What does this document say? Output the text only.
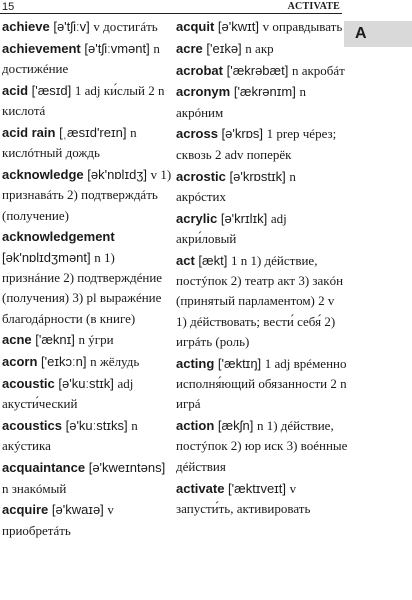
15	ACTIVATE
A
achieve [ə'tʃiːv] v достигáть
achievement [ə'tʃiːvmənt] n достижéние
acid ['æsɪd] 1 adj ки́слый 2 n кислотá
acid rain [ˌæsɪd'reɪn] n кислóтный дождь
acknowledge [ək'nɒlɪdʒ] v 1) признавáть 2) подтверждáть (получение)
acknowledgement [ək'nɒlɪdʒmənt] n 1) признáние 2) подтверждéние (получения) 3) pl выражéние благодáрности (в книге)
acne ['æknɪ] n ýгри
acorn ['eɪkɔːn] n жёлудь
acoustic [ə'kuːstɪk] adj акусти́ческий
acoustics [ə'kuːstɪks] n акýстика
acquaintance [ə'kweɪntəns] n знакóмый
acquire [ə'kwaɪə] v приобретáть
acquit [ə'kwɪt] v оправдывать
acre ['eɪkə] n акр
acrobat ['ækrəbæt] n акробáт
acronym ['ækrənɪm] n акрóним
across [ə'krɒs] 1 prep чéрез; сквозь 2 adv поперёк
acrostic [ə'krɒstɪk] n акрóстих
acrylic [ə'krɪlɪk] adj акри́ловый
act [ækt] 1 n 1) дéйствие, постýпок 2) театр акт 3) закóн (принятый парламентом) 2 v 1) дéйствовать; вести́ себя́ 2) игрáть (роль)
acting ['æktɪŋ] 1 adj врéменно исполня́ющий обязанности 2 n игрá
action [ækʃn] n 1) дéйствие, постýпок 2) юр иск 3) воéнные дéйствия
activate ['æktɪveɪt] v запусти́ть, активировать
